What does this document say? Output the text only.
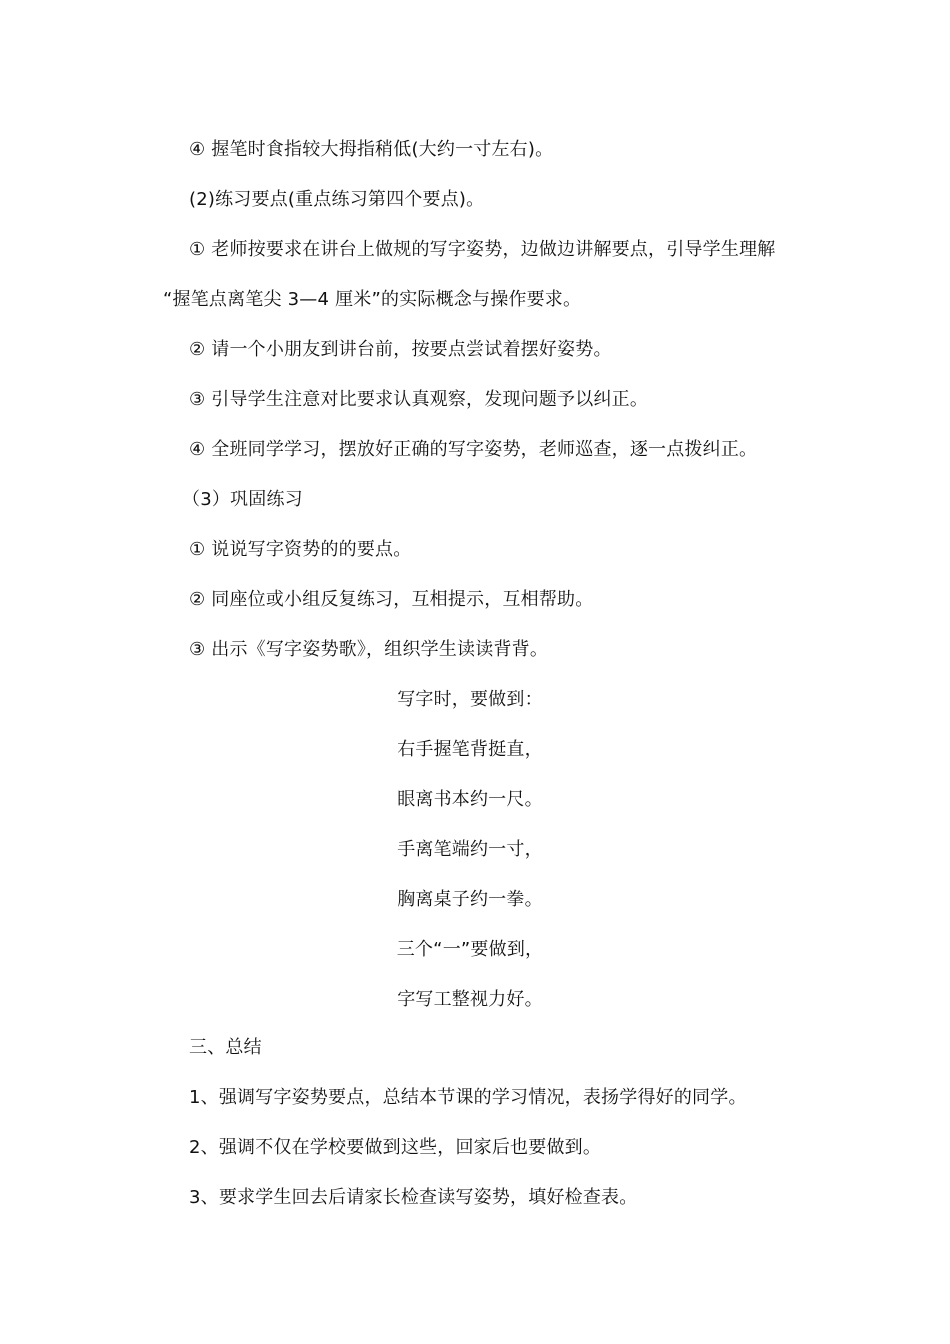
④ 握笔时食指较大拇指稍低(大约一寸左右)。
(2)练习要点(重点练习第四个要点)。
① 老师按要求在讲台上做规的写字姿势，边做边讲解要点，引导学生理解
“握笔点离笔尖 3—4 厘米”的实际概念与操作要求。
② 请一个小朋友到讲台前，按要点尝试着摆好姿势。
③ 引导学生注意对比要求认真观察，发现问题予以纠正。
④ 全班同学学习，摆放好正确的写字姿势，老师巡查，逐一点拨纠正。
（3）巩固练习
① 说说写字资势的的要点。
② 同座位或小组反复练习，互相提示，互相帮助。
③ 出示《写字姿势歌》，组织学生读读背背。
写字时，要做到：
右手握笔背挺直，
眼离书本约一尺。
手离笔端约一寸，
胸离桌子约一拳。
三个“一”要做到，
字写工整视力好。
三、总结
1、强调写字姿势要点，总结本节课的学习情况，表扬学得好的同学。
2、强调不仅在学校要做到这些，回家后也要做到。
3、要求学生回去后请家长检查读写姿势，填好检查表。
